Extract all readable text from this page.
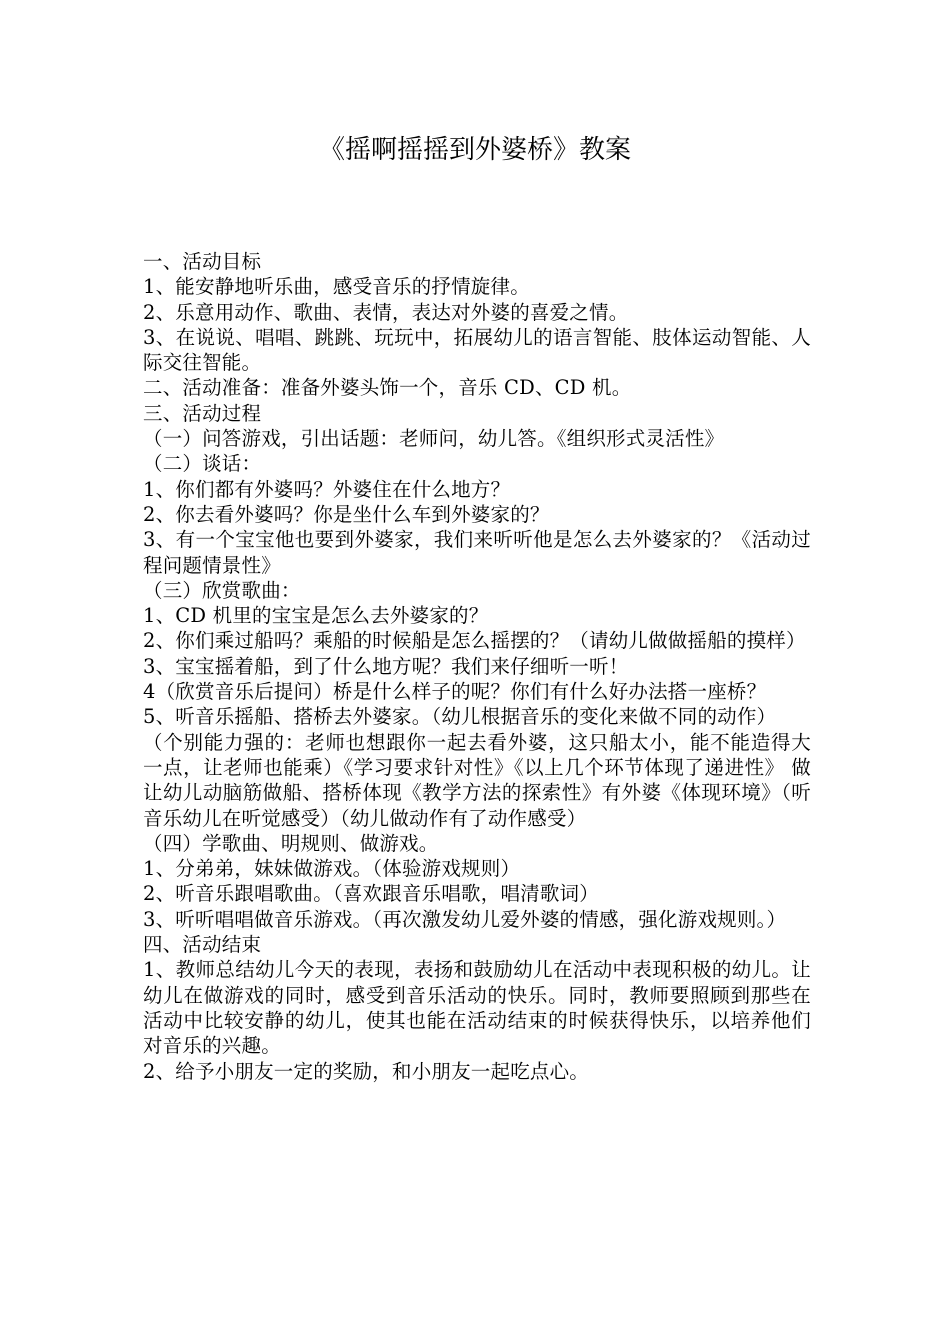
《摇啊摇摇到外婆桥》教案

一、活动目标

1、能安静地听乐曲，感受音乐的抒情旋律。

2、乐意用动作、歌曲、表情，表达对外婆的喜爱之情。

3、在说说、唱唱、跳跳、玩玩中，拓展幼儿的语言智能、肢体运动智能、人际交往智能。

二、活动准备：准备外婆头饰一个，音乐 CD、CD 机。

三、活动过程

（一）问答游戏，引出话题：老师问，幼儿答。《组织形式灵活性》

（二）谈话：

1、你们都有外婆吗？外婆住在什么地方？

2、你去看外婆吗？你是坐什么车到外婆家的？

3、有一个宝宝他也要到外婆家，我们来听听他是怎么去外婆家的？《活动过程问题情景性》

（三）欣赏歌曲：

1、CD 机里的宝宝是怎么去外婆家的？

2、你们乘过船吗？乘船的时候船是怎么摇摆的？（请幼儿做做摇船的摸样）

3、宝宝摇着船，到了什么地方呢？我们来仔细听一听！

4（欣赏音乐后提问）桥是什么样子的呢？你们有什么好办法搭一座桥？

5、听音乐摇船、搭桥去外婆家。（幼儿根据音乐的变化来做不同的动作）

（个别能力强的：老师也想跟你一起去看外婆，这只船太小，能不能造得大一点，让老师也能乘）《学习要求针对性》《以上几个环节体现了递进性》 做让幼儿动脑筋做船、搭桥体现《教学方法的探索性》有外婆《体现环境》（听音乐幼儿在听觉感受）（幼儿做动作有了动作感受）

（四）学歌曲、明规则、做游戏。

1、分弟弟，妹妹做游戏。（体验游戏规则）

2、听音乐跟唱歌曲。（喜欢跟音乐唱歌，唱清歌词）

3、听听唱唱做音乐游戏。（再次激发幼儿爱外婆的情感，强化游戏规则。）

四、活动结束

1、教师总结幼儿今天的表现，表扬和鼓励幼儿在活动中表现积极的幼儿。让幼儿在做游戏的同时，感受到音乐活动的快乐。同时，教师要照顾到那些在活动中比较安静的幼儿，使其也能在活动结束的时候获得快乐，以培养他们对音乐的兴趣。

2、给予小朋友一定的奖励，和小朋友一起吃点心。
